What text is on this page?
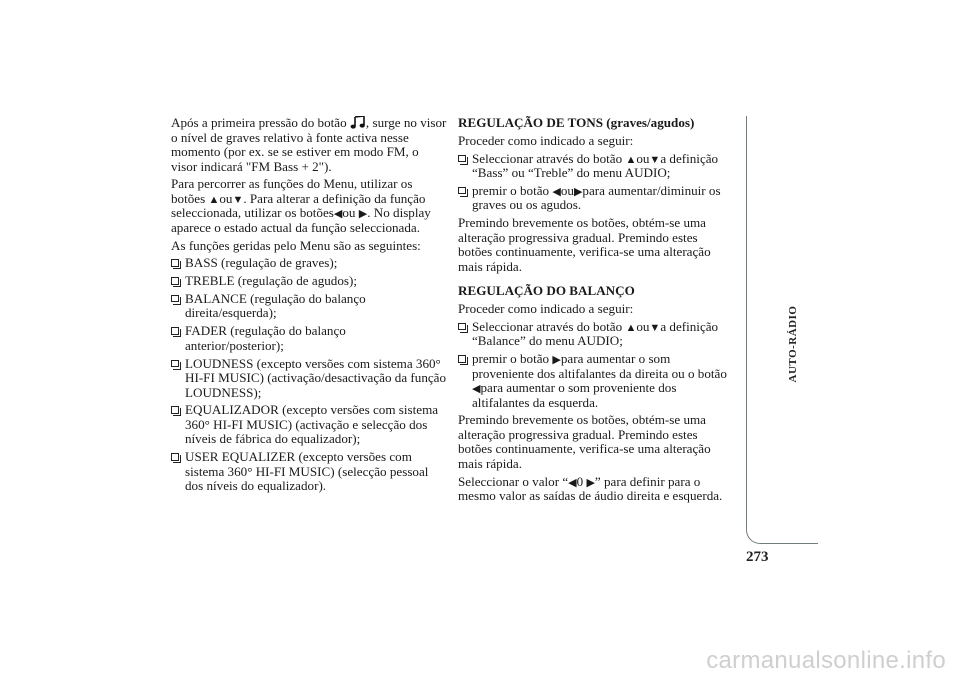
Após a primeira pressão do botão , surge no visor o nível de graves relativo à fonte activa nesse momento (por ex. se se estiver em modo FM, o visor indicará "FM Bass + 2").

Para percorrer as funções do Menu, utilizar os botões ▲ou▼. Para alterar a definição da função seleccionada, utilizar os botões◀ou ▶. No display aparece o estado actual da função seleccionada.

As funções geridas pelo Menu são as seguintes:

BASS (regulação de graves);
TREBLE (regulação de agudos);
BALANCE (regulação do balanço direita/esquerda);
FADER (regulação do balanço anterior/posterior);
LOUDNESS (excepto versões com sistema 360° HI-FI MUSIC) (activação/desactivação da função LOUDNESS);
EQUALIZADOR (excepto versões com sistema 360° HI-FI MUSIC) (activação e selecção dos níveis de fábrica do equalizador);
USER EQUALIZER (excepto versões com sistema 360° HI-FI MUSIC) (selecção pessoal dos níveis do equalizador).
REGULAÇÃO DE TONS (graves/agudos)

Proceder como indicado a seguir:

Seleccionar através do botão ▲ou▼a definição “Bass” ou “Treble” do menu AUDIO;
premir o botão ◀ou▶para aumentar/diminuir os graves ou os agudos.

Premindo brevemente os botões, obtém-se uma alteração progressiva gradual. Premindo estes botões continuamente, verifica-se uma alteração mais rápida.

REGULAÇÃO DO BALANÇO

Proceder como indicado a seguir:

Seleccionar através do botão ▲ou▼a definição “Balance” do menu AUDIO;
premir o botão ▶para aumentar o som proveniente dos altifalantes da direita ou o botão ◀para aumentar o som proveniente dos altifalantes da esquerda.

Premindo brevemente os botões, obtém-se uma alteração progressiva gradual. Premindo estes botões continuamente, verifica-se uma alteração mais rápida.

Seleccionar o valor “◀0 ▶” para definir para o mesmo valor as saídas de áudio direita e esquerda.

AUTO-RÁDIO
273
carmanualsonline.info
